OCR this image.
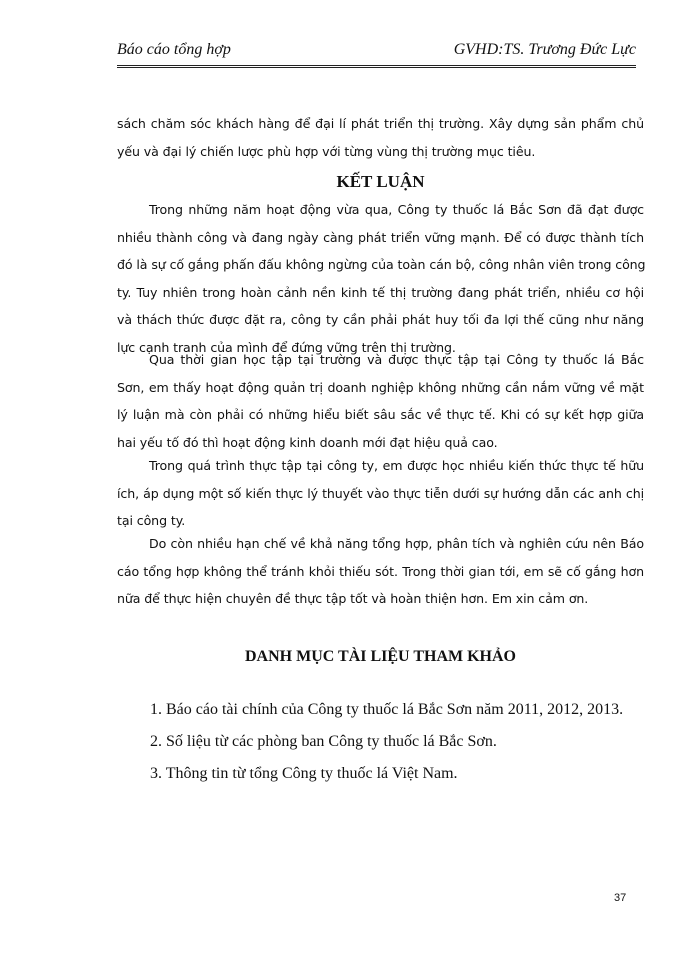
Báo cáo tổng hợp	GVHD:TS. Trương Đức Lực
sách chăm sóc khách hàng để đại lí phát triển thị trường. Xây dựng sản phẩm chủ
yếu và đại lý chiến lược phù hợp với từng vùng thị trường mục tiêu.
KẾT LUẬN
Trong những năm hoạt động vừa qua, Công ty thuốc lá Bắc Sơn đã đạt được
nhiều thành công và đang ngày càng phát triển vững mạnh. Để có được thành tích
đó là sự cố gắng phấn đấu không ngừng của toàn cán bộ, công nhân viên trong công
ty. Tuy nhiên trong hoàn cảnh nền kinh tế thị trường đang phát triển, nhiều cơ hội
và thách thức được đặt ra, công ty cần phải phát huy tối đa lợi thế cũng như năng
lực cạnh tranh của mình để đứng vững trên thị trường.
Qua thời gian học tập tại trường và được thực tập tại Công ty thuốc lá Bắc
Sơn, em thấy hoạt động quản trị doanh nghiệp không những cần nắm vững về mặt
lý luận mà còn phải có những hiểu biết sâu sắc về thực tế. Khi có sự kết hợp giữa
hai yếu tố đó thì hoạt động kinh doanh mới đạt hiệu quả cao.
Trong quá trình thực tập tại công ty, em được học nhiều kiến thức thực tế hữu
ích, áp dụng một số kiến thực lý thuyết vào thực tiễn dưới sự hướng dẫn các anh chị
tại công ty.
Do còn nhiều hạn chế về khả năng tổng hợp, phân tích và nghiên cứu nên Báo
cáo tổng hợp không thể tránh khỏi thiếu sót. Trong thời gian tới, em sẽ cố gắng hơn
nữa để thực hiện chuyên đề thực tập tốt và hoàn thiện hơn. Em xin cảm ơn.
DANH MỤC TÀI LIỆU THAM KHẢO
1. Báo cáo tài chính của Công ty thuốc lá Bắc Sơn năm 2011, 2012, 2013.
2. Số liệu từ các phòng ban Công ty thuốc lá Bắc Sơn.
3. Thông tin từ tổng Công ty thuốc lá Việt Nam.
37
